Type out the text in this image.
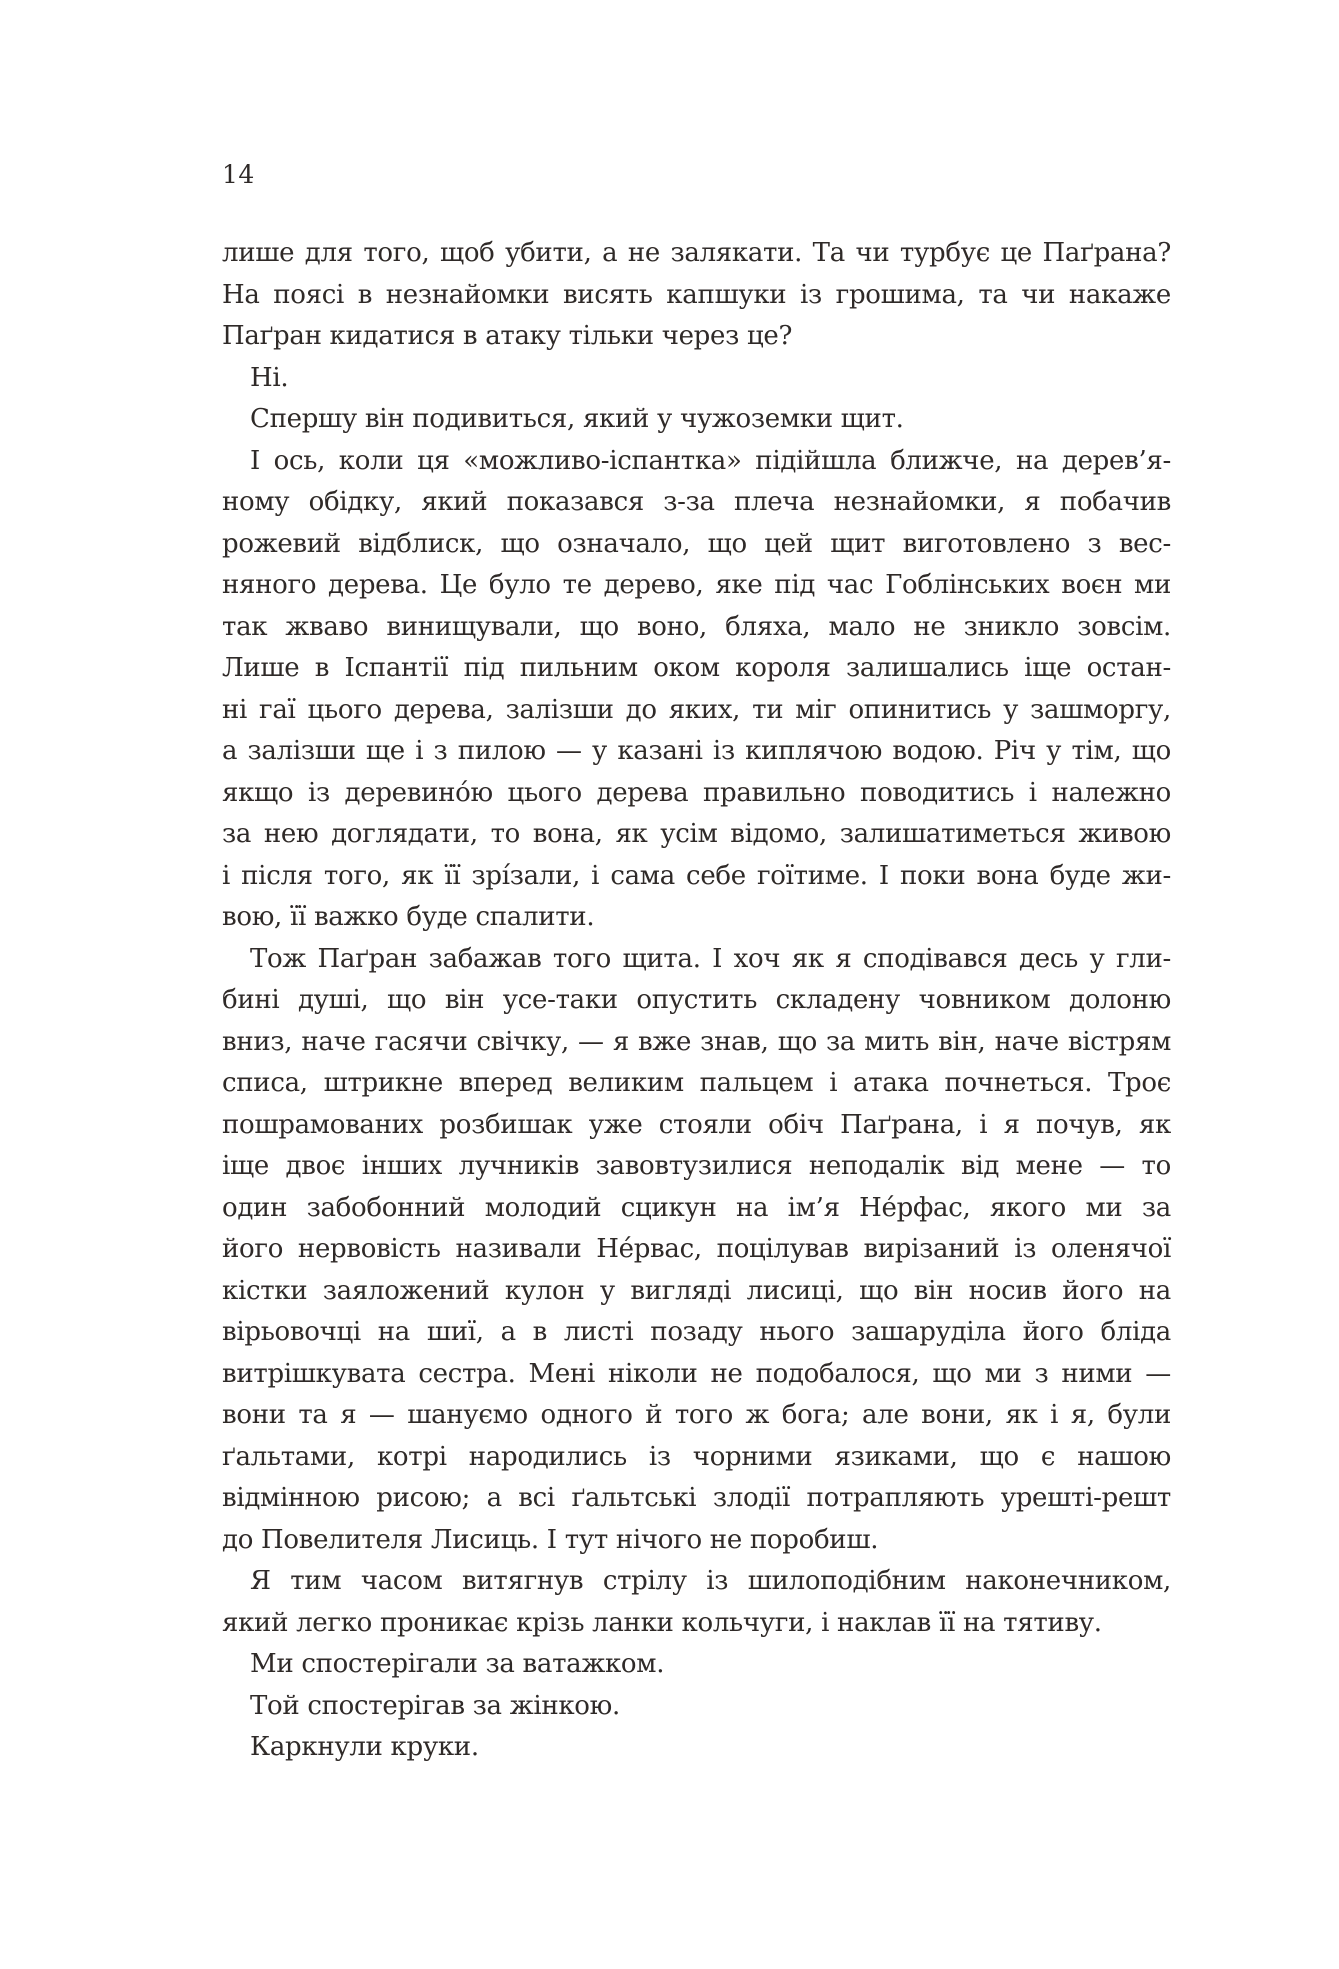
14
лише для того, щоб убити, а не залякати. Та чи турбує це Паґрана?
На поясі в незнайомки висять капшуки із грошима, та чи накаже
Паґран кидатися в атаку тільки через це?
Ні.
Спершу він подивиться, який у чужоземки щит.
І ось, коли ця «можливо-іспантка» підійшла ближче, на дерев’я-
ному обідку, який показався з-за плеча незнайомки, я побачив
рожевий відблиск, що означало, що цей щит виготовлено з вес-
няного дерева. Це було те дерево, яке під час Гоблінських воєн ми
так жваво винищували, що воно, бляха, мало не зникло зовсім.
Лише в Іспантії під пильним оком короля залишались іще остан-
ні гаї цього дерева, залізши до яких, ти міг опинитись у зашморгу,
а залізши ще і з пилою — у казані із киплячою водою. Річ у тім, що
якщо із деревино́ю цього дерева правильно поводитись і належно
за нею доглядати, то вона, як усім відомо, залишатиметься живою
і після того, як її зрі́зали, і сама себе гоїтиме. І поки вона буде жи-
вою, її важко буде спалити.
Тож Паґран забажав того щита. І хоч як я сподівався десь у гли-
бині душі, що він усе-таки опустить складену човником долоню
вниз, наче гасячи свічку, — я вже знав, що за мить він, наче вістрям
списа, штрикне вперед великим пальцем і атака почнеться. Троє
пошрамованих розбишак уже стояли обіч Паґрана, і я почув, як
іще двоє інших лучників завовтузилися неподалік від мене — то
один забобонний молодий сцикун на ім’я Не́рфас, якого ми за
його нервовість називали Не́рвас, поцілував вирізаний із оленячої
кістки заяложений кулон у вигляді лисиці, що він носив його на
вірьовочці на шиї, а в листі позаду нього зашаруділа його бліда
витрішкувата сестра. Мені ніколи не подобалося, що ми з ними —
вони та я — шануємо одного й того ж бога; але вони, як і я, були
ґальтами, котрі народились із чорними язиками, що є нашою
відмінною рисою; а всі ґальтські злодії потрапляють урешті-решт
до Повелителя Лисиць. І тут нічого не поробиш.
Я тим часом витягнув стрілу із шилоподібним наконечником,
який легко проникає крізь ланки кольчуги, і наклав її на тятиву.
Ми спостерігали за ватажком.
Той спостерігав за жінкою.
Каркнули круки.
